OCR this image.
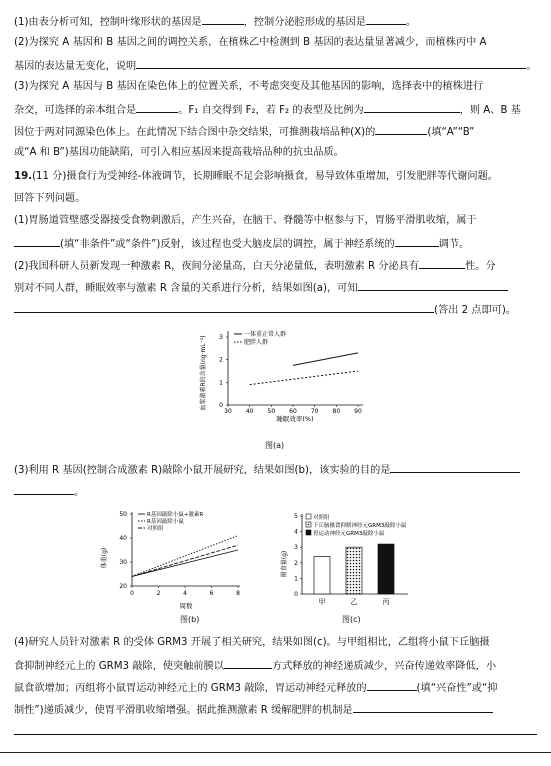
(1)由表分析可知，控制叶缘形状的基因是	，控制分泌腔形成的基因是	。
(2)为探究 A 基因和 B 基因之间的调控关系，在植株乙中检测到 B 基因的表达量显著减少，而植株丙中 A
基因的表达量无变化，说明	。
(3)为探究 A 基因与 B 基因在染色体上的位置关系，不考虑突变及其他基因的影响，选择表中的植株进行
杂交，可选择的亲本组合是	。F₁ 自交得到 F₂，若 F₂ 的表型及比例为	，则 A、B 基
因位于两对同源染色体上。在此情况下结合图中杂交结果，可推测栽培品种(X)的	(填“A”“B”
或“A 和 B”)基因功能缺陷，可引入相应基因来提高栽培品种的抗虫品质。
19.(11 分)摄食行为受神经-体液调节，长期睡眠不足会影响摄食，易导致体重增加，引发肥胖等代谢问题。
回答下列问题。
(1)胃肠道管壁感受器接受食物刺激后，产生兴奋，在脑干、脊髓等中枢参与下，胃肠平滑肌收缩，属于
(填“非条件”或“条件”)反射，该过程也受大脑皮层的调控，属于神经系统的	调节。
(2)我国科研人员新发现一种激素 R，夜间分泌量高，白天分泌量低，表明激素 R 分泌具有	性。分
别对不同人群，睡眠效率与激素 R 含量的关系进行分析，结果如图(a)，可知
(答出 2 点即可)。
血浆激素R的含量(ng·mL⁻¹) 0
1
2
3
30 40 50 60 70 80 90
一体重正常人群
肥胖人群
睡眠效率(%)
图(a)
(3)利用 R 基因(控制合成激素 R)敲除小鼠开展研究，结果如图(b)，该实验的目的是
。
体重(g)
20
30
40
50
0	2	4	6	8
R基因敲除小鼠+激素R
R基因敲除小鼠
对照组
周数
图(b)
摄食量(g)
0
1
2
3
4
5
甲	乙	丙
对照组
下丘脑摄食抑制神经元GRM3敲除小鼠
胃运动神经元GRM3敲除小鼠
图(c)
(4)研究人员针对激素 R 的受体 GRM3 开展了相关研究，结果如图(c)。与甲组相比，乙组将小鼠下丘脑摄
食抑制神经元上的 GRM3 敲除，使突触前膜以	方式释放的神经递质减少，兴奋传递效率降低，小
鼠食欲增加；丙组将小鼠胃运动神经元上的 GRM3 敲除，胃运动神经元释放的	(填“兴奋性”或“抑
制性”)递质减少，使胃平滑肌收缩增强。据此推测激素 R 缓解肥胖的机制是
